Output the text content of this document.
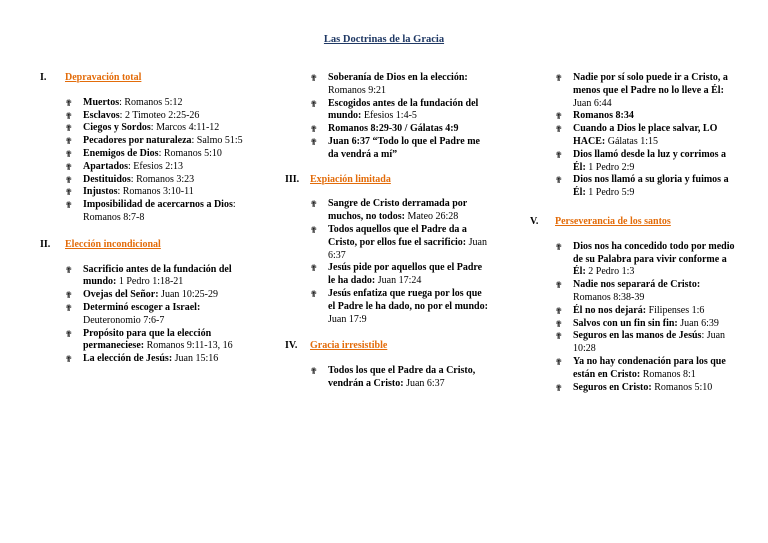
Las Doctrinas de la Gracia
I. Depravación total
✟ Muertos: Romanos 5:12
✟ Esclavos: 2 Timoteo 2:25-26
✟ Ciegos y Sordos: Marcos 4:11-12
✟ Pecadores por naturaleza: Salmo 51:5
✟ Enemigos de Dios: Romanos 5:10
✟ Apartados: Efesios 2:13
✟ Destituidos: Romanos 3:23
✟ Injustos: Romanos 3:10-11
✟ Imposibilidad de acercarnos a Dios: Romanos 8:7-8
II. Elección incondicional
✟ Sacrificio antes de la fundación del mundo: 1 Pedro 1:18-21
✟ Ovejas del Señor: Juan 10:25-29
✟ Determinó escoger a Israel: Deuteronomio 7:6-7
✟ Propósito para que la elección permaneciese: Romanos 9:11-13, 16
✟ La elección de Jesús: Juan 15:16
✟ Soberanía de Dios en la elección: Romanos 9:21
✟ Escogidos antes de la fundación del mundo: Efesios 1:4-5
✟ Romanos 8:29-30 / Gálatas 4:9
✟ Juan 6:37 “Todo lo que el Padre me da vendrá a mí”
III. Expiación limitada
✟ Sangre de Cristo derramada por muchos, no todos: Mateo 26:28
✟ Todos aquellos que el Padre da a Cristo, por ellos fue el sacrificio: Juan 6:37
✟ Jesús pide por aquellos que el Padre le ha dado: Juan 17:24
✟ Jesús enfatiza que ruega por los que el Padre le ha dado, no por el mundo: Juan 17:9
IV. Gracia irresistible
✟ Todos los que el Padre da a Cristo, vendrán a Cristo: Juan 6:37
✟ Nadie por sí solo puede ir a Cristo, a menos que el Padre no lo lleve a Él: Juan 6:44
✟ Romanos 8:34
✟ Cuando a Dios le place salvar, LO HACE: Gálatas 1:15
✟ Dios llamó desde la luz y corrimos a Él: 1 Pedro 2:9
✟ Dios nos llamó a su gloria y fuimos a Él: 1 Pedro 5:9
V. Perseverancia de los santos
✟ Dios nos ha concedido todo por medio de su Palabra para vivir conforme a Él: 2 Pedro 1:3
✟ Nadie nos separará de Cristo: Romanos 8:38-39
✟ Él no nos dejará: Filipenses 1:6
✟ Salvos con un fin sin fin: Juan 6:39
✟ Seguros en las manos de Jesús: Juan 10:28
✟ Ya no hay condenación para los que están en Cristo: Romanos 8:1
✟ Seguros en Cristo: Romanos 5:10
